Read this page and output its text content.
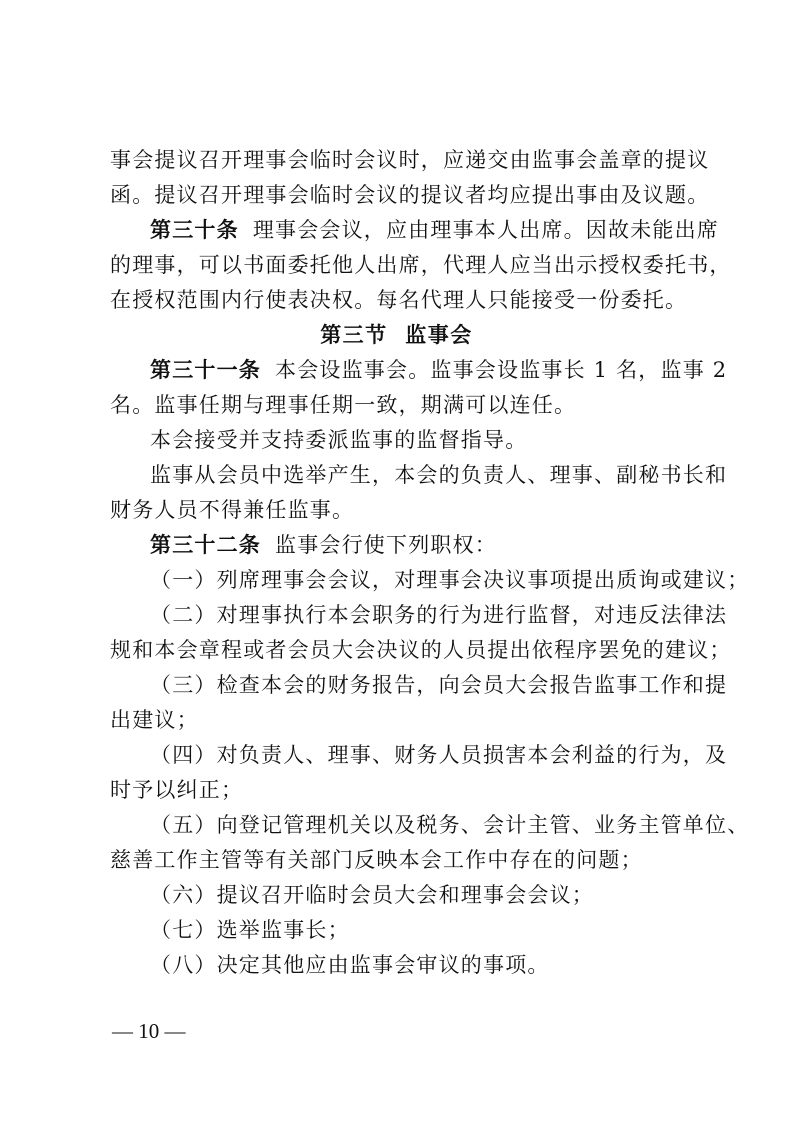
事会提议召开理事会临时会议时，应递交由监事会盖章的提议
函。提议召开理事会临时会议的提议者均应提出事由及议题。
第三十条 理事会会议，应由理事本人出席。因故未能出席
的理事，可以书面委托他人出席，代理人应当出示授权委托书，
在授权范围内行使表决权。每名代理人只能接受一份委托。
第三节  监事会
第三十一条 本会设监事会。监事会设监事长 1 名，监事 2
名。监事任期与理事任期一致，期满可以连任。
本会接受并支持委派监事的监督指导。
监事从会员中选举产生，本会的负责人、理事、副秘书长和
财务人员不得兼任监事。
第三十二条 监事会行使下列职权：
（一）列席理事会会议，对理事会决议事项提出质询或建议；
（二）对理事执行本会职务的行为进行监督，对违反法律法
规和本会章程或者会员大会决议的人员提出依程序罢免的建议；
（三）检查本会的财务报告，向会员大会报告监事工作和提
出建议；
（四）对负责人、理事、财务人员损害本会利益的行为，及
时予以纠正；
（五）向登记管理机关以及税务、会计主管、业务主管单位、
慈善工作主管等有关部门反映本会工作中存在的问题；
（六）提议召开临时会员大会和理事会会议；
（七）选举监事长；
（八）决定其他应由监事会审议的事项。
— 10 —
